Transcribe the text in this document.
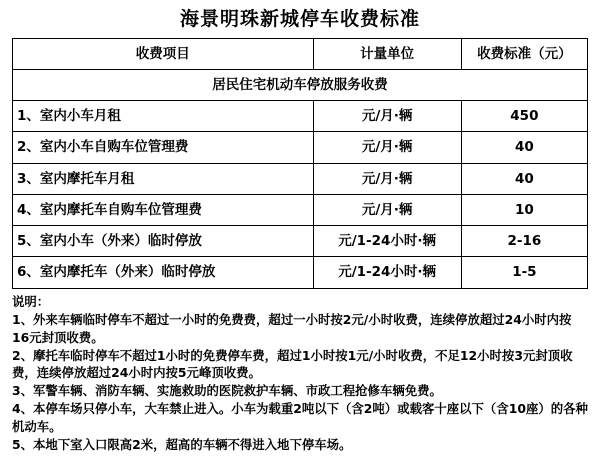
海景明珠新城停车收费标准
收费项目	计量单位	收费标准（元）
居民住宅机动车停放服务收费		
1、室内小车月租	元/月·辆	450
2、室内小车自购车位管理费	元/月·辆	40
3、室内摩托车月租	元/月·辆	40
4、室内摩托车自购车位管理费	元/月·辆	10
5、室内小车（外来）临时停放	元/1-24小时·辆	2-16
6、室内摩托车（外来）临时停放	元/1-24小时·辆	1-5

说明：

1、外来车辆临时停车不超过一小时的免费费，超过一小时按2元/小时收费，连续停放超过24小时内按16元封顶收费。

2、摩托车临时停车不超过1小时的免费停车费，超过1小时按1元/小时收费，不足12小时按3元封顶收费，连续停放超过24小时内按5元峰顶收费。

3、军警车辆、消防车辆、实施救助的医院救护车辆、市政工程抢修车辆免费。

4、本停车场只停小车，大车禁止进入。小车为载重2吨以下（含2吨）或载客十座以下（含10座）的各种机动车。

5、本地下室入口限高2米，超高的车辆不得进入地下停车场。
